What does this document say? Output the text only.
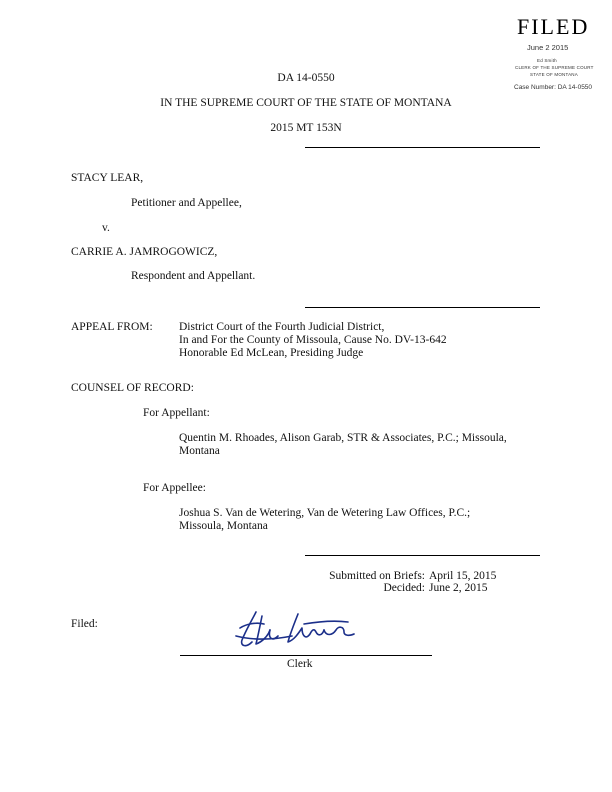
FILED
June 2 2015
Ed Smith
CLERK OF THE SUPREME COURT
STATE OF MONTANA
Case Number: DA 14-0550
DA 14-0550
IN THE SUPREME COURT OF THE STATE OF MONTANA
2015 MT 153N
STACY LEAR,
Petitioner and Appellee,
v.
CARRIE A. JAMROGOWICZ,
Respondent and Appellant.
APPEAL FROM: District Court of the Fourth Judicial District,
In and For the County of Missoula, Cause No. DV-13-642
Honorable Ed McLean, Presiding Judge
COUNSEL OF RECORD:
For Appellant:
Quentin M. Rhoades, Alison Garab, STR & Associates, P.C.; Missoula,
Montana
For Appellee:
Joshua S. Van de Wetering, Van de Wetering Law Offices, P.C.;
Missoula, Montana
Submitted on Briefs: April 15, 2015
Decided: June 2, 2015
Filed:
Clerk
